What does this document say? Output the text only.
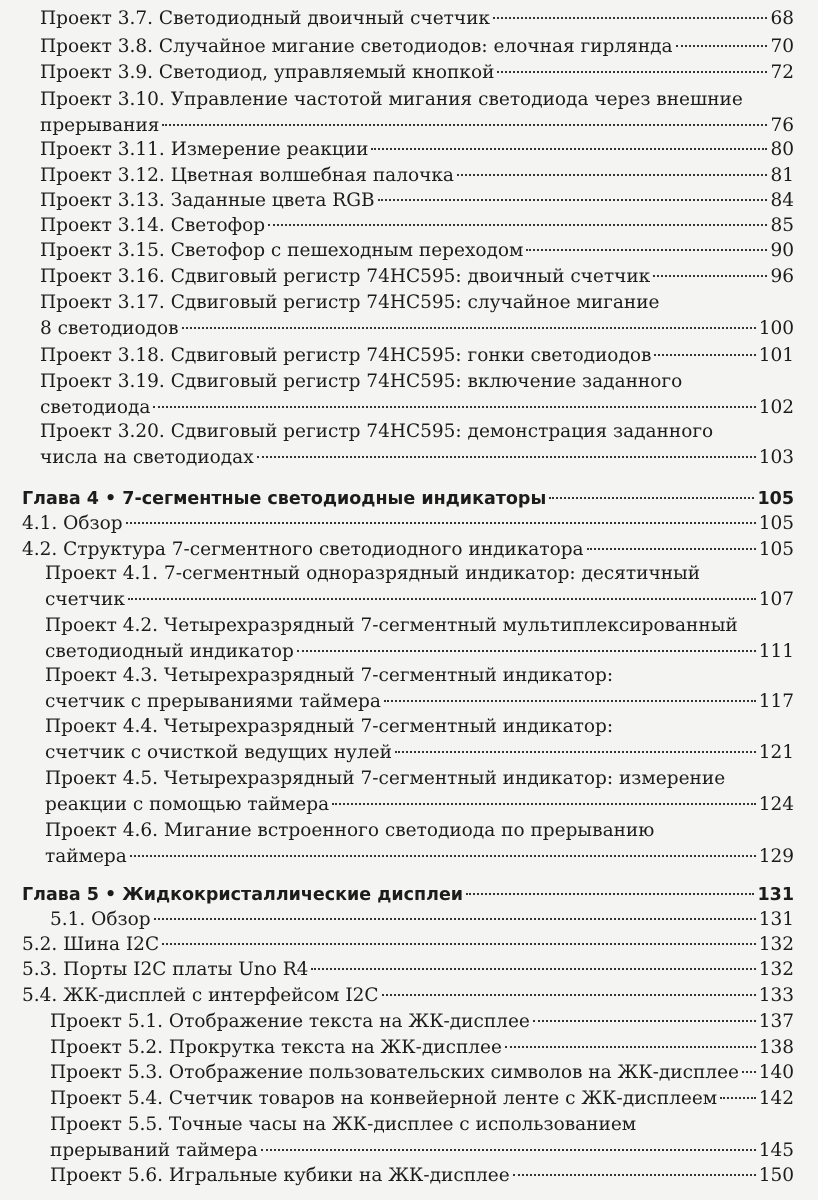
Проект 3.7. Светодиодный двоичный счетчик	68
Проект 3.8. Случайное мигание светодиодов: елочная гирлянда	70
Проект 3.9. Светодиод, управляемый кнопкой	72
Проект 3.10. Управление частотой мигания светодиода через внешние
прерывания	76
Проект 3.11. Измерение реакции	80
Проект 3.12. Цветная волшебная палочка	81
Проект 3.13. Заданные цвета RGB	84
Проект 3.14. Светофор	85
Проект 3.15. Светофор с пешеходным переходом	90
Проект 3.16. Сдвиговый регистр 74HC595: двоичный счетчик	96
Проект 3.17. Сдвиговый регистр 74HC595: случайное мигание
8 светодиодов	100
Проект 3.18. Сдвиговый регистр 74HC595: гонки светодиодов	101
Проект 3.19. Сдвиговый регистр 74HC595: включение заданного
светодиода	102
Проект 3.20. Сдвиговый регистр 74HC595: демонстрация заданного
числа на светодиодах	103
Глава 4 • 7-сегментные светодиодные индикаторы	105
4.1. Обзор	105
4.2. Структура 7-сегментного светодиодного индикатора	105
Проект 4.1. 7-сегментный одноразрядный индикатор: десятичный
счетчик	107
Проект 4.2. Четырехразрядный 7-сегментный мультиплексированный
светодиодный индикатор	111
Проект 4.3. Четырехразрядный 7-сегментный индикатор:
счетчик с прерываниями таймера	117
Проект 4.4. Четырехразрядный 7-сегментный индикатор:
счетчик с очисткой ведущих нулей	121
Проект 4.5. Четырехразрядный 7-сегментный индикатор: измерение
реакции с помощью таймера	124
Проект 4.6. Мигание встроенного светодиода по прерыванию
таймера	129
Глава 5 • Жидкокристаллические дисплеи	131
5.1. Обзор	131
5.2. Шина I2C	132
5.3. Порты I2C платы Uno R4	132
5.4. ЖК-дисплей с интерфейсом I2C	133
Проект 5.1. Отображение текста на ЖК-дисплее	137
Проект 5.2. Прокрутка текста на ЖК-дисплее	138
Проект 5.3. Отображение пользовательских символов на ЖК-дисплее 140
Проект 5.4. Счетчик товаров на конвейерной ленте с ЖК-дисплеем 142
Проект 5.5. Точные часы на ЖК-дисплее с использованием
прерываний таймера	145
Проект 5.6. Игральные кубики на ЖК-дисплее	150
